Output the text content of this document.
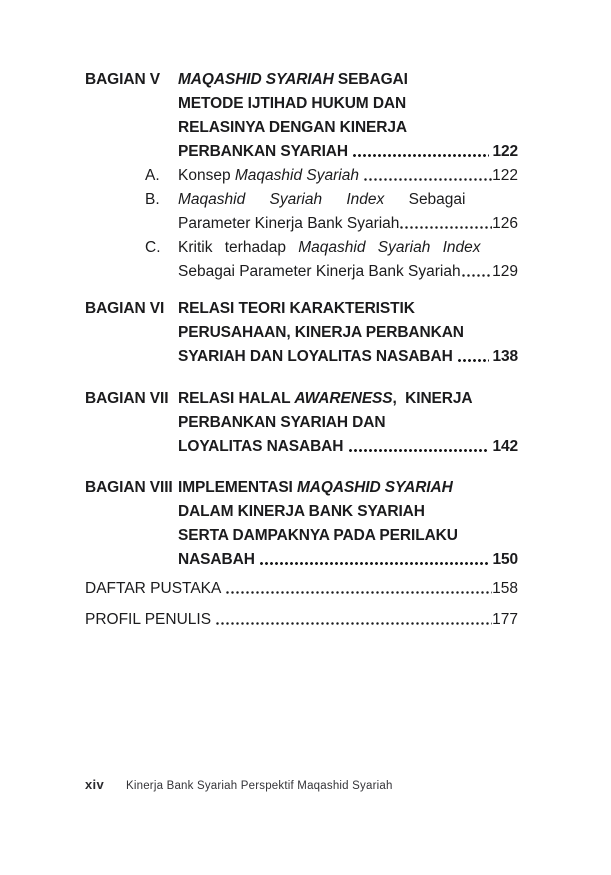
BAGIAN V	MAQASHID SYARIAH SEBAGAI
METODE IJTIHAD HUKUM DAN
RELASINYA DENGAN KINERJA
PERBANKAN SYARIAH	122
A.	Konsep Maqashid Syariah	122
B.	Maqashid Syariah Index Sebagai
Parameter Kinerja Bank Syariah	126
C.	Kritik terhadap Maqashid Syariah Index
Sebagai Parameter Kinerja Bank Syariah 129
BAGIAN VI RELASI TEORI KARAKTERISTIK
PERUSAHAAN, KINERJA PERBANKAN
SYARIAH DAN LOYALITAS NASABAH 138
BAGIAN VII RELASI HALAL AWARENESS,  KINERJA
PERBANKAN SYARIAH DAN
LOYALITAS NASABAH	142
BAGIAN VIII IMPLEMENTASI MAQASHID SYARIAH
DALAM KINERJA BANK SYARIAH
SERTA DAMPAKNYA PADA PERILAKU
NASABAH	150
DAFTAR PUSTAKA	158
PROFIL PENULIS	177
xiv Kinerja Bank Syariah Perspektif Maqashid Syariah
